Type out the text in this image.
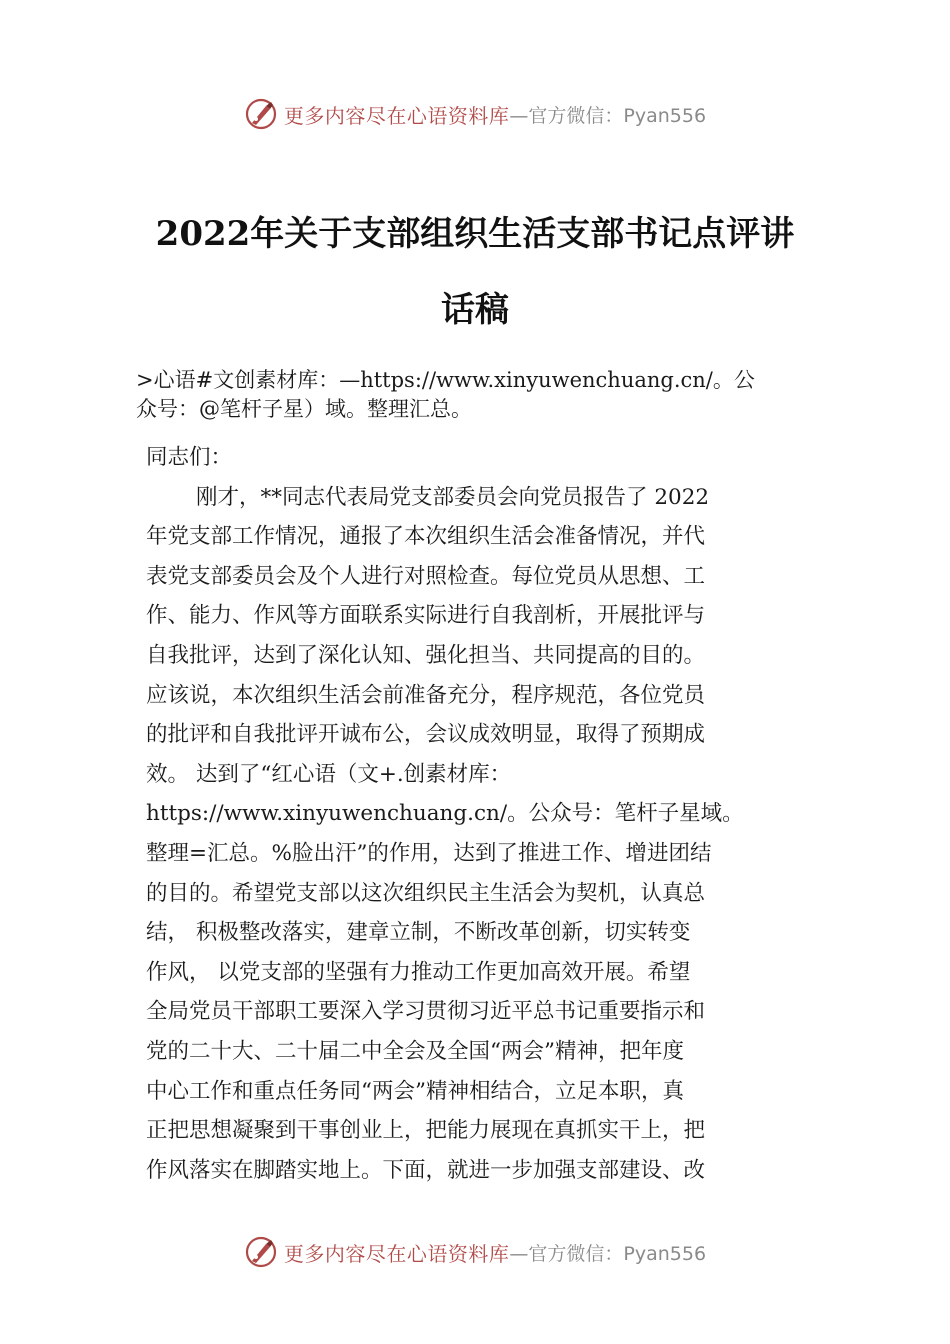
更多内容尽在心语资料库 —官方微信：Pyan556
2022年关于支部组织生活支部书记点评讲
话稿
>心语#文创素材库：—https://www.xinyuwenchuang.cn/。公
众号：@笔杆子星）域。整理汇总。
同志们：
刚才，**同志代表局党支部委员会向党员报告了 2022
年党支部工作情况，通报了本次组织生活会准备情况，并代
表党支部委员会及个人进行对照检查。每位党员从思想、工
作、能力、作风等方面联系实际进行自我剖析，开展批评与
自我批评，达到了深化认知、强化担当、共同提高的目的。
应该说，本次组织生活会前准备充分，程序规范，各位党员
的批评和自我批评开诚布公，会议成效明显，取得了预期成
效。 达到了“红心语（文+.创素材库：
https://www.xinyuwenchuang.cn/。公众号：笔杆子星域。
整理=汇总。%脸出汗”的作用，达到了推进工作、增进团结
的目的。希望党支部以这次组织民主生活会为契机，认真总
结， 积极整改落实，建章立制，不断改革创新，切实转变
作风， 以党支部的坚强有力推动工作更加高效开展。希望
全局党员干部职工要深入学习贯彻习近平总书记重要指示和
党的二十大、二十届二中全会及全国“两会”精神，把年度
中心工作和重点任务同“两会”精神相结合，立足本职，真
正把思想凝聚到干事创业上，把能力展现在真抓实干上，把
作风落实在脚踏实地上。下面，就进一步加强支部建设、改
更多内容尽在心语资料库 —官方微信：Pyan556
